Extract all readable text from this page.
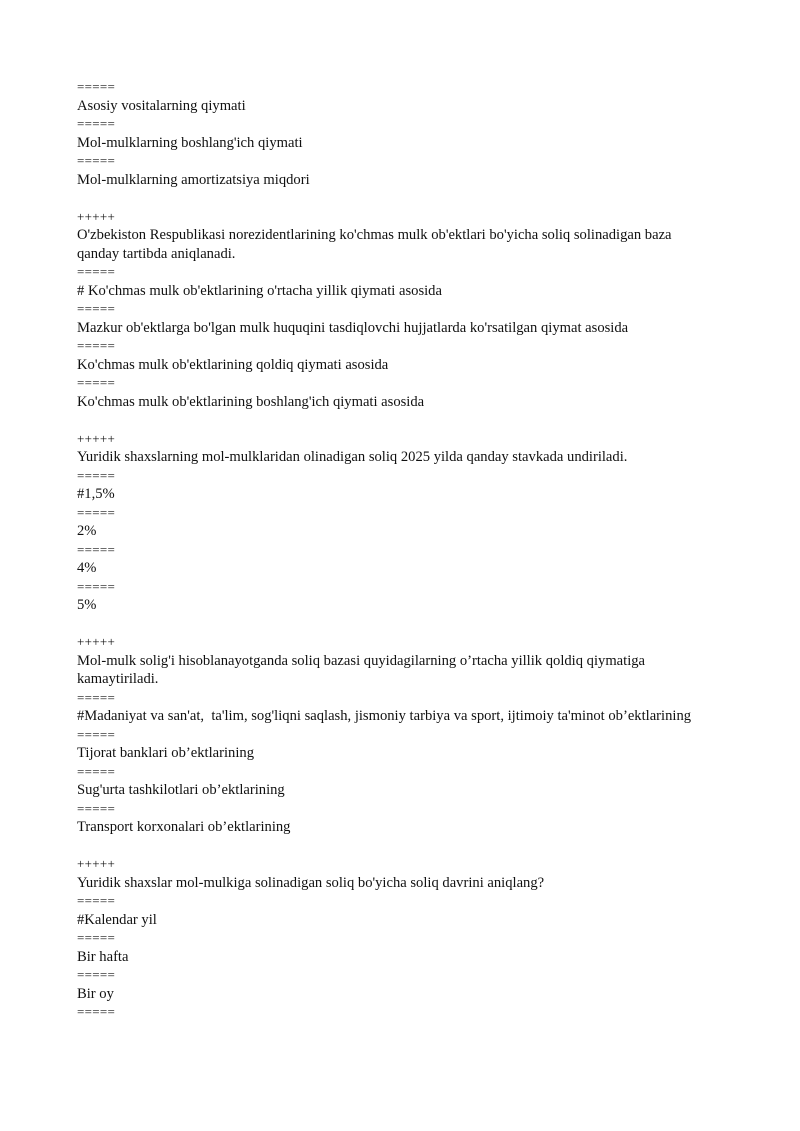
=====
Asosiy vositalarning qiymati
=====
Mol-mulklarning boshlang'ich qiymati
=====
Mol-mulklarning amortizatsiya miqdori
+++++
O'zbekiston Respublikasi norezidentlarining ko'chmas mulk ob'ektlari bo'yicha soliq solinadigan baza qanday tartibda aniqlanadi.
=====
# Ko'chmas mulk ob'ektlarining o'rtacha yillik qiymati asosida
=====
Mazkur ob'ektlarga bo'lgan mulk huquqini tasdiqlovchi hujjatlarda ko'rsatilgan qiymat asosida
=====
Ko'chmas mulk ob'ektlarining qoldiq qiymati asosida
=====
Ko'chmas mulk ob'ektlarining boshlang'ich qiymati asosida
+++++
Yuridik shaxslarning mol-mulklaridan olinadigan soliq 2025 yilda qanday stavkada undiriladi.
=====
#1,5%
=====
2%
=====
4%
=====
5%
+++++
Mol-mulk solig'i hisoblanayotganda soliq bazasi quyidagilarning o’rtacha yillik qoldiq qiymatiga kamaytiriladi.
=====
#Madaniyat va san'at,  ta'lim, sog'liqni saqlash, jismoniy tarbiya va sport, ijtimoiy ta'minot ob’ektlarining
=====
Tijorat banklari ob’ektlarining
=====
Sug'urta tashkilotlari ob’ektlarining
=====
Transport korxonalari ob’ektlarining
+++++
Yuridik shaxslar mol-mulkiga solinadigan soliq bo'yicha soliq davrini aniqlang?
=====
#Kalendar yil
=====
Bir hafta
=====
Bir oy
=====
